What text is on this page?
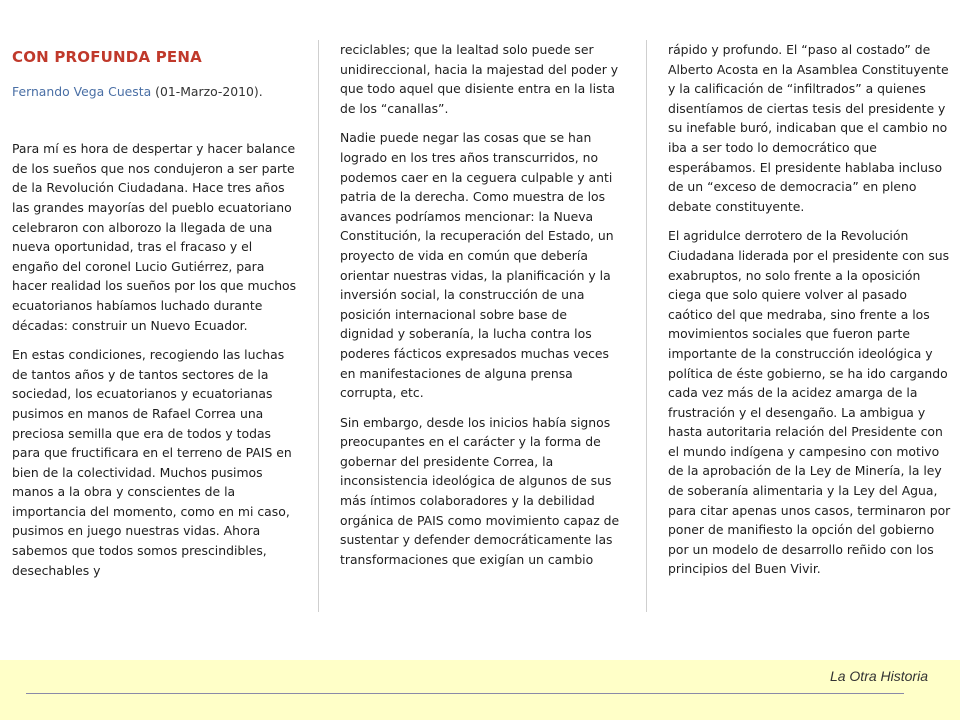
CON PROFUNDA PENA
Fernando Vega Cuesta (01-Marzo-2010).

Para mí es hora de despertar y hacer balance de los sueños que nos condujeron a ser parte de la Revolución Ciudadana. Hace tres años las grandes mayorías del pueblo ecuatoriano celebraron con alborozo la llegada de una nueva oportunidad, tras el fracaso y el engaño del coronel Lucio Gutiérrez, para hacer realidad los sueños por los que muchos ecuatorianos habíamos luchado durante décadas: construir un Nuevo Ecuador.

En estas condiciones, recogiendo las luchas de tantos años y de tantos sectores de la sociedad, los ecuatorianos y ecuatorianas pusimos en manos de Rafael Correa una preciosa semilla que era de todos y todas para que fructificara en el terreno de PAIS en bien de la colectividad. Muchos pusimos manos a la obra y conscientes de la importancia del momento, como en mi caso, pusimos en juego nuestras vidas. Ahora sabemos que todos somos prescindibles, desechables y

reciclables; que la lealtad solo puede ser unidireccional, hacia la majestad del poder y que todo aquel que disiente entra en la lista de los “canallas”.

Nadie puede negar las cosas que se han logrado en los tres años transcurridos, no podemos caer en la ceguera culpable y anti patria de la derecha. Como muestra de los avances podríamos mencionar: la Nueva Constitución, la recuperación del Estado, un proyecto de vida en común que debería orientar nuestras vidas, la planificación y la inversión social, la construcción de una posición internacional sobre base de dignidad y soberanía, la lucha contra los poderes fácticos expresados muchas veces en manifestaciones de alguna prensa corrupta, etc.

Sin embargo, desde los inicios había signos preocupantes en el carácter y la forma de gobernar del presidente Correa, la inconsistencia ideológica de algunos de sus más íntimos colaboradores y la debilidad orgánica de PAIS como movimiento capaz de sustentar y defender democráticamente las transformaciones que exigían un cambio

rápido y profundo. El “paso al costado” de Alberto Acosta en la Asamblea Constituyente y la calificación de “infiltrados” a quienes disentíamos de ciertas tesis del presidente y su inefable buró, indicaban que el cambio no iba a ser todo lo democrático que esperábamos. El presidente hablaba incluso de un “exceso de democracia” en pleno debate constituyente.

El agridulce derrotero de la Revolución Ciudadana liderada por el presidente con sus exabruptos, no solo frente a la oposición ciega que solo quiere volver al pasado caótico del que medraba, sino frente a los movimientos sociales que fueron parte importante de la construcción ideológica y política de éste gobierno, se ha ido cargando cada vez más de la acidez amarga de la frustración y el desengaño. La ambigua y hasta autoritaria relación del Presidente con el mundo indígena y campesino con motivo de la aprobación de la Ley de Minería, la ley de soberanía alimentaria y la Ley del Agua, para citar apenas unos casos, terminaron por poner de manifiesto la opción del gobierno por un modelo de desarrollo reñido con los principios del Buen Vivir.

La Otra Historia
